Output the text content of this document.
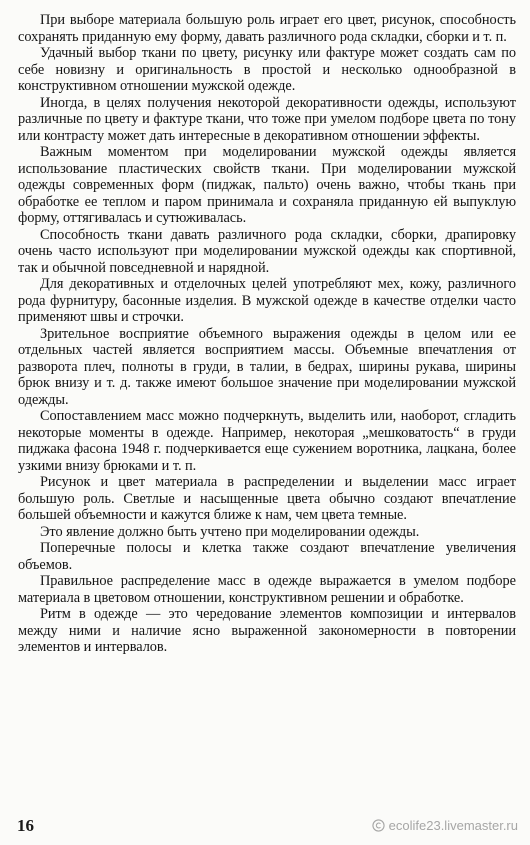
При выборе материала большую роль играет его цвет, рисунок, способность сохранять приданную ему форму, давать различного рода складки, сборки и т. п.

Удачный выбор ткани по цвету, рисунку или фактуре может создать сам по себе новизну и оригинальность в простой и несколько однообразной в конструктивном отношении мужской одежде.

Иногда, в целях получения некоторой декоративности одежды, используют различные по цвету и фактуре ткани, что тоже при умелом подборе цвета по тону или контрасту может дать интересные в декоративном отношении эффекты.

Важным моментом при моделировании мужской одежды является использование пластических свойств ткани. При моделировании мужской одежды современных форм (пиджак, пальто) очень важно, чтобы ткань при обработке ее теплом и паром принимала и сохраняла приданную ей выпуклую форму, оттягивалась и сутюживалась.

Способность ткани давать различного рода складки, сборки, драпировку очень часто используют при моделировании мужской одежды как спортивной, так и обычной повседневной и нарядной.

Для декоративных и отделочных целей употребляют мех, кожу, различного рода фурнитуру, басонные изделия. В мужской одежде в качестве отделки часто применяют швы и строчки.

Зрительное восприятие объемного выражения одежды в целом или ее отдельных частей является восприятием массы. Объемные впечатления от разворота плеч, полноты в груди, в талии, в бедрах, ширины рукава, ширины брюк внизу и т. д. также имеют большое значение при моделировании мужской одежды.

Сопоставлением масс можно подчеркнуть, выделить или, наоборот, сгладить некоторые моменты в одежде. Например, некоторая „мешковатость“ в груди пиджака фасона 1948 г. подчеркивается еще сужением воротника, лацкана, более узкими внизу брюками и т. п.

Рисунок и цвет материала в распределении и выделении масс играет большую роль. Светлые и насыщенные цвета обычно создают впечатление большей объемности и кажутся ближе к нам, чем цвета темные.

Это явление должно быть учтено при моделировании одежды.

Поперечные полосы и клетка также создают впечатление увеличения объемов.

Правильное распределение масс в одежде выражается в умелом подборе материала в цветовом отношении, конструктивном решении и обработке.

Ритм в одежде — это чередование элементов композиции и интервалов между ними и наличие ясно выраженной закономерности в повторении элементов и интервалов.

16	ecolife23.livemaster.ru
